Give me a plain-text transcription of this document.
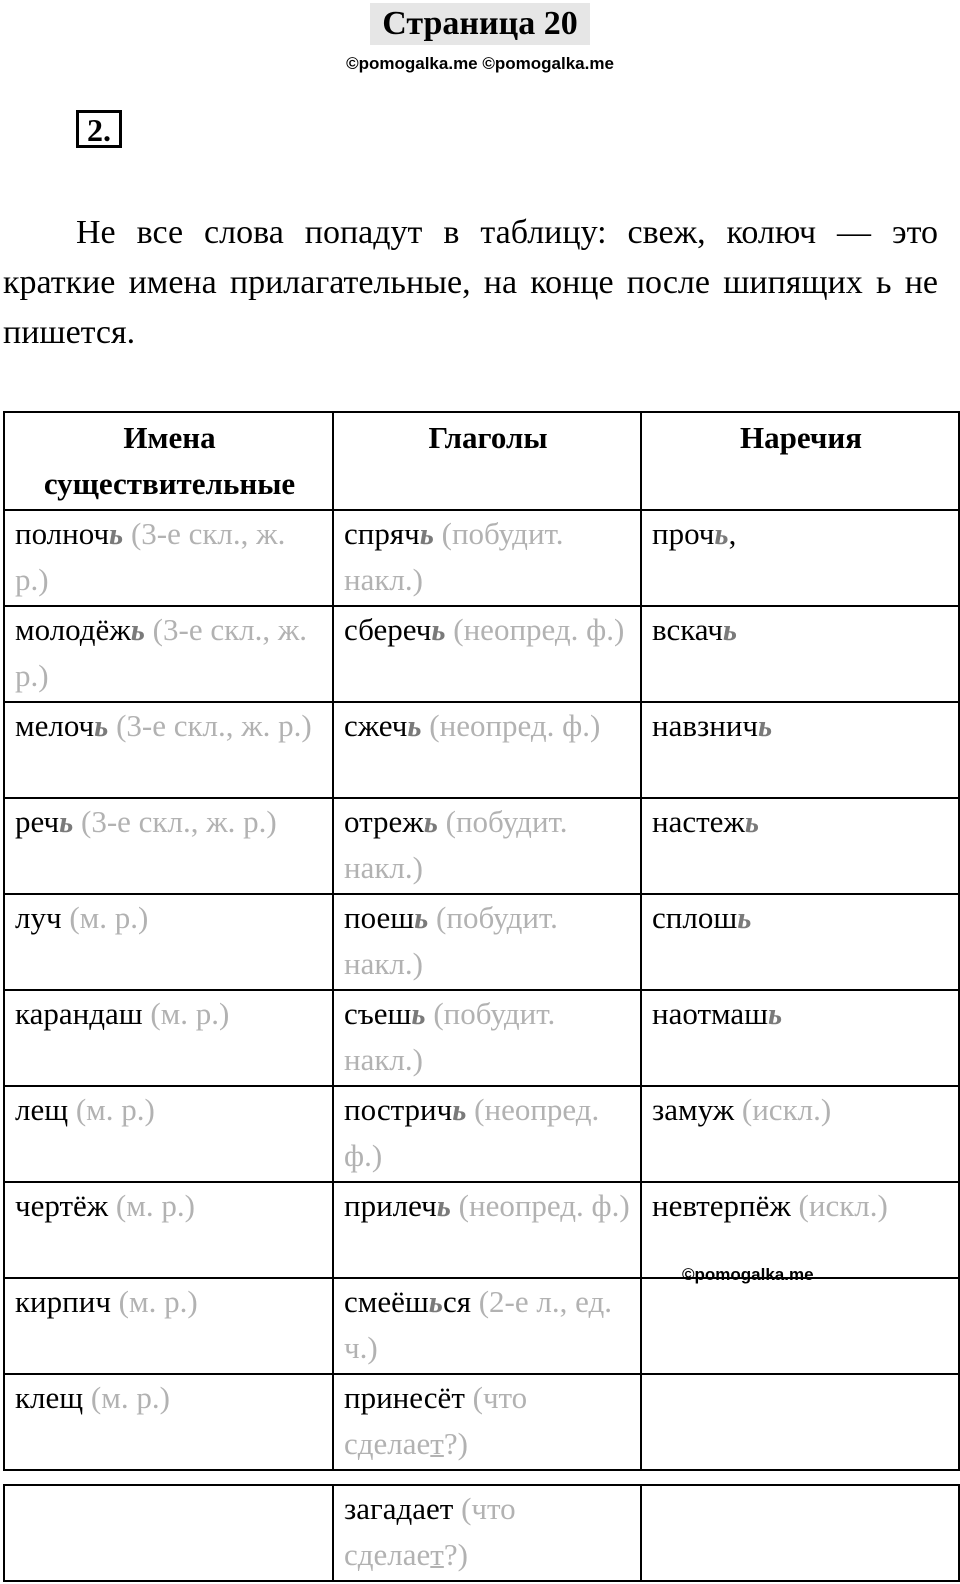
Страница 20
©pomogalka.me ©pomogalka.me
2.

Не все слова попадут в таблицу: свеж, колюч — это краткие имена прилагательные, на конце после шипящих ь не пишется.

Имена существительные	Глаголы	Наречия
полночь (3-е скл., ж. р.)	спрячь (побудит. накл.)	прочь,
молодёжь (3-е скл., ж. р.)	сберечь (неопред. ф.)	вскачь
мелочь (3-е скл., ж. р.)	сжечь (неопред. ф.)	навзничь
речь (3-е скл., ж. р.)	отрежь (побудит. накл.)	настежь
луч (м. р.)	поешь (побудит. накл.)	сплошь
карандаш (м. р.)	съешь (побудит. накл.)	наотмашь
лещ (м. р.)	постричь (неопред. ф.)	замуж (искл.)
чертёж (м. р.)	прилечь (неопред. ф.)	невтерпёж (искл.)
кирпич (м. р.)	смеёшься (2-е л., ед. ч.)	
клещ (м. р.)	принесёт (что сделает?)	
	загадает (что сделает?)	
©pomogalka.me
